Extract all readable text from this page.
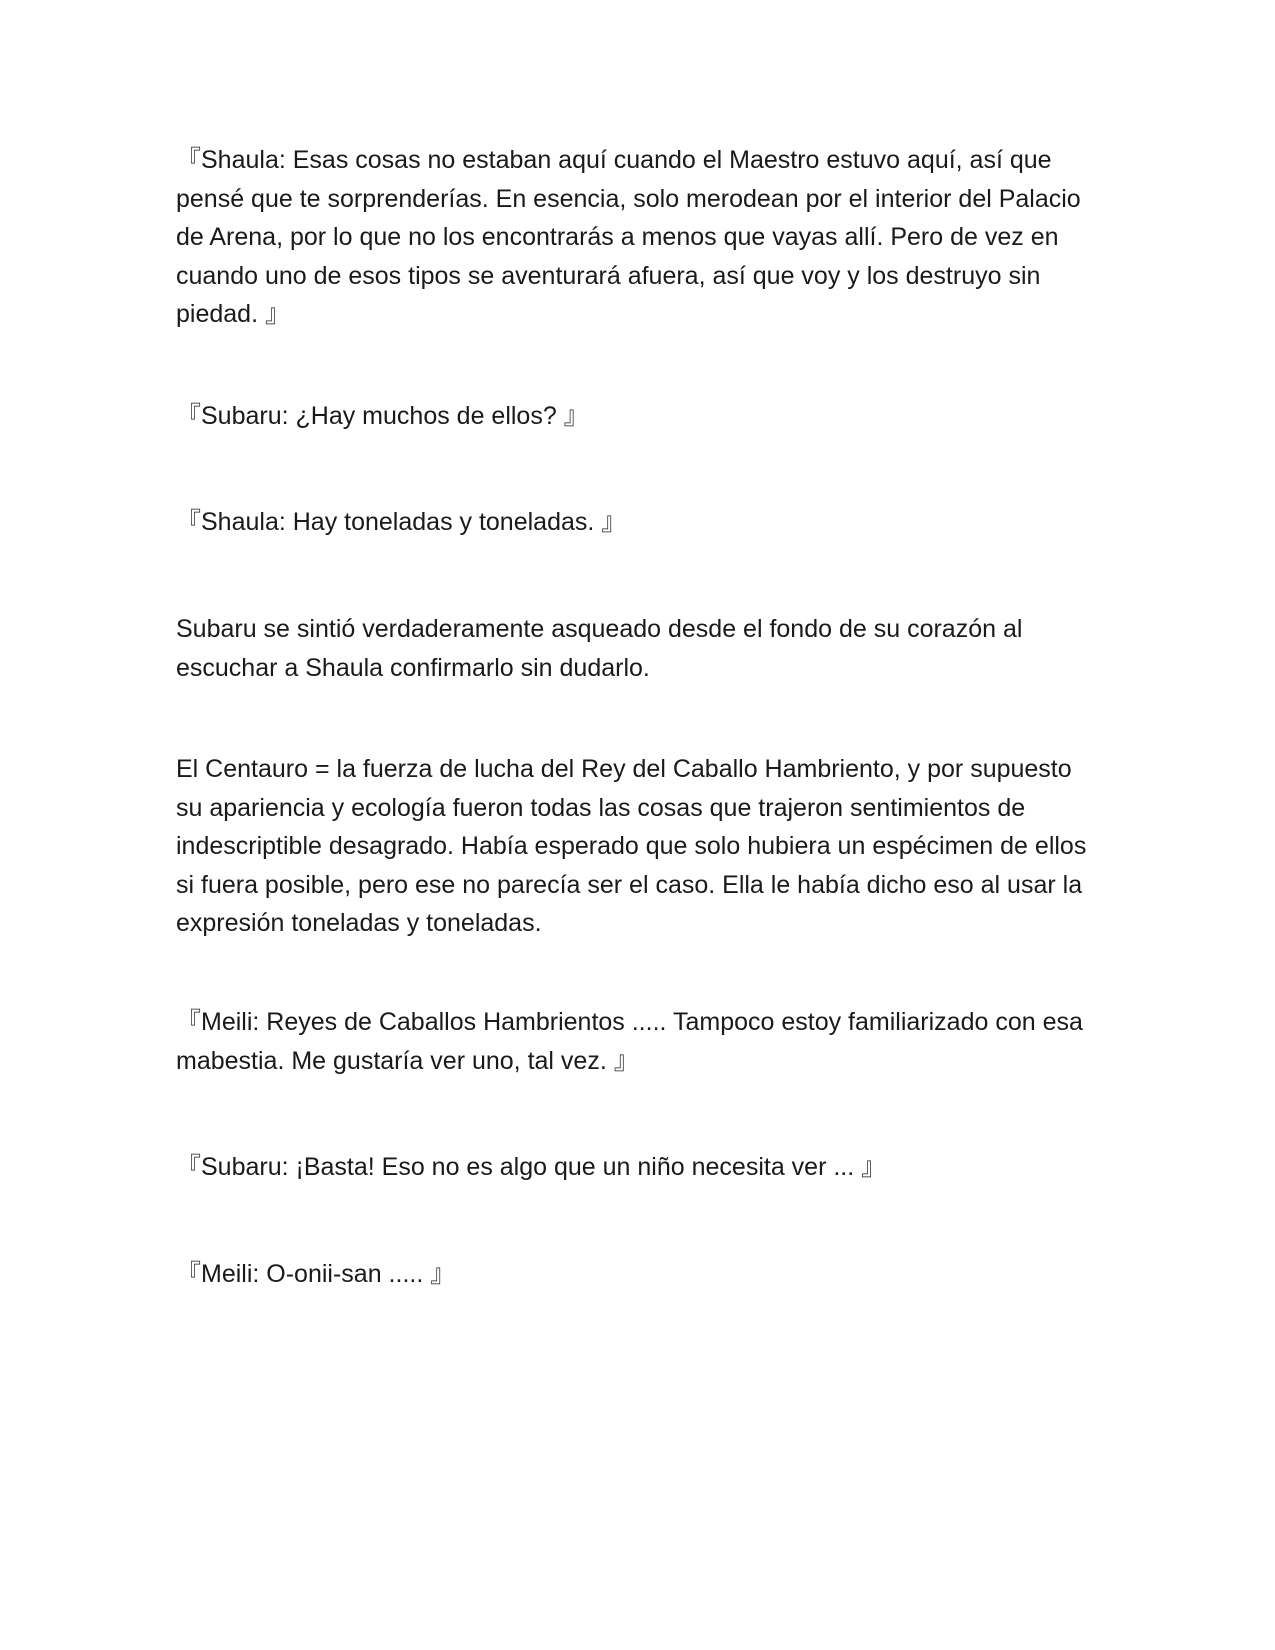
『Shaula: Esas cosas no estaban aquí cuando el Maestro estuvo aquí, así que pensé que te sorprenderías. En esencia, solo merodean por el interior del Palacio de Arena, por lo que no los encontrarás a menos que vayas allí. Pero de vez en cuando uno de esos tipos se aventurará afuera, así que voy y los destruyo sin piedad. 』

『Subaru: ¿Hay muchos de ellos? 』

『Shaula: Hay toneladas y toneladas. 』

Subaru se sintió verdaderamente asqueado desde el fondo de su corazón al escuchar a Shaula confirmarlo sin dudarlo.

El Centauro = la fuerza de lucha del Rey del Caballo Hambriento, y por supuesto su apariencia y ecología fueron todas las cosas que trajeron sentimientos de indescriptible desagrado. Había esperado que solo hubiera un espécimen de ellos si fuera posible, pero ese no parecía ser el caso. Ella le había dicho eso al usar la expresión toneladas y toneladas.

『Meili: Reyes de Caballos Hambrientos ..... Tampoco estoy familiarizado con esa mabestia. Me gustaría ver uno, tal vez. 』

『Subaru: ¡Basta! Eso no es algo que un niño necesita ver ... 』

『Meili: O-onii-san ..... 』
